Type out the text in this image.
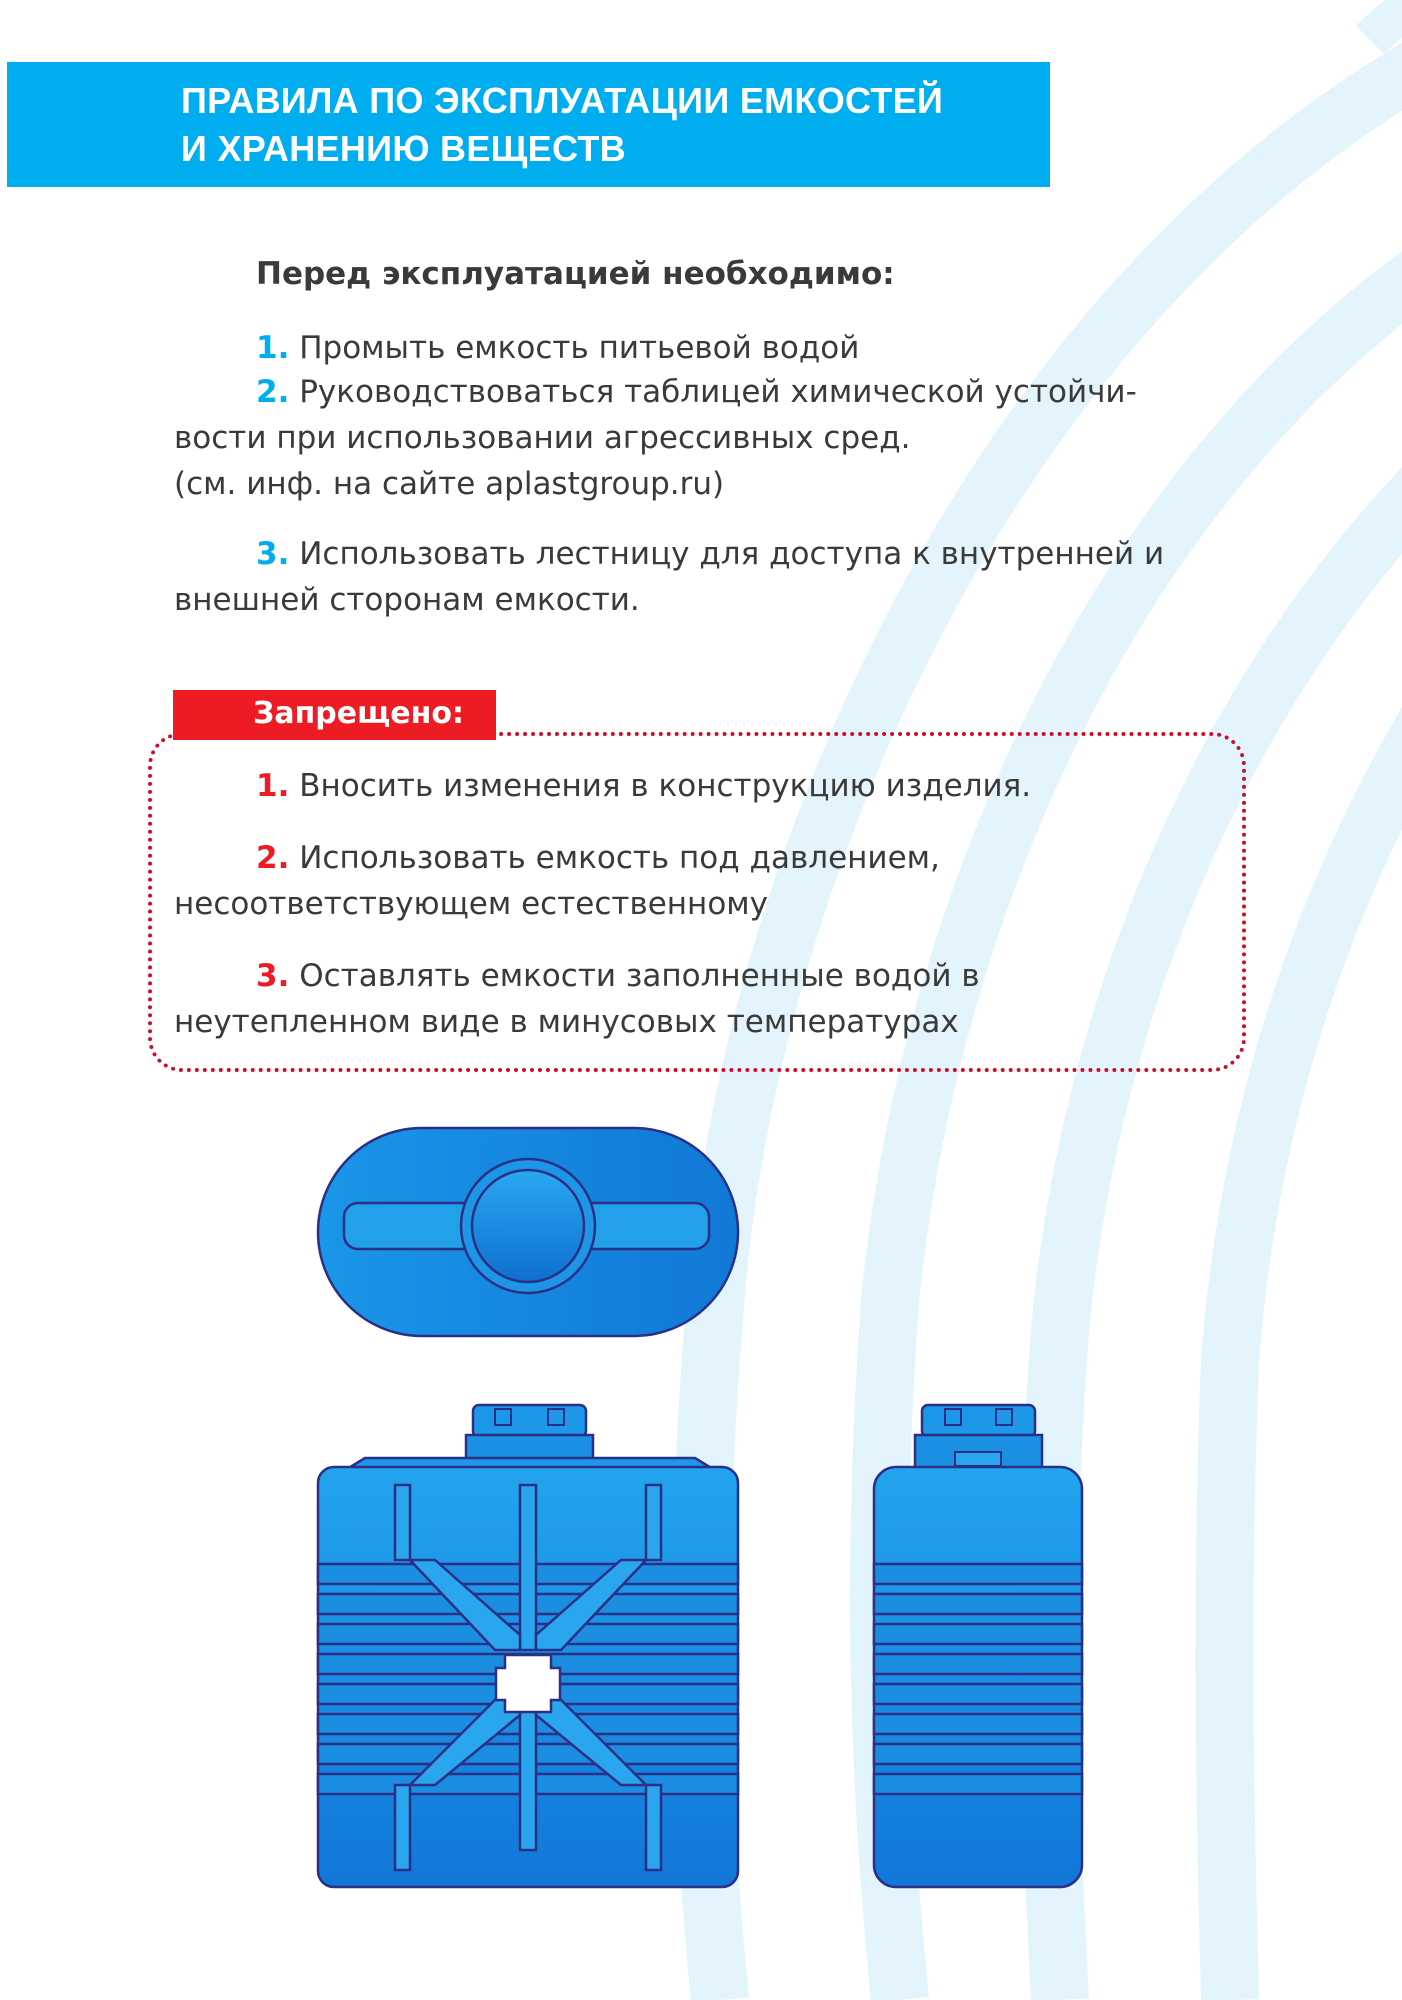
ПРАВИЛА ПО ЭКСПЛУАТАЦИИ ЕМКОСТЕЙ
И ХРАНЕНИЮ ВЕЩЕСТВ
Перед эксплуатацией необходимо:
1. Промыть емкость питьевой водой
2. Руководствоваться таблицей химической устойчи-
вости при использовании агрессивных сред.
(см. инф. на сайте aplastgroup.ru)
3. Использовать лестницу для доступа к внутренней и
внешней сторонам емкости.
Запрещено:
1. Вносить изменения в конструкцию изделия.
2. Использовать емкость под давлением,
несоответствующем естественному
3. Оставлять емкости заполненные водой в
неутепленном виде в минусовых температурах
